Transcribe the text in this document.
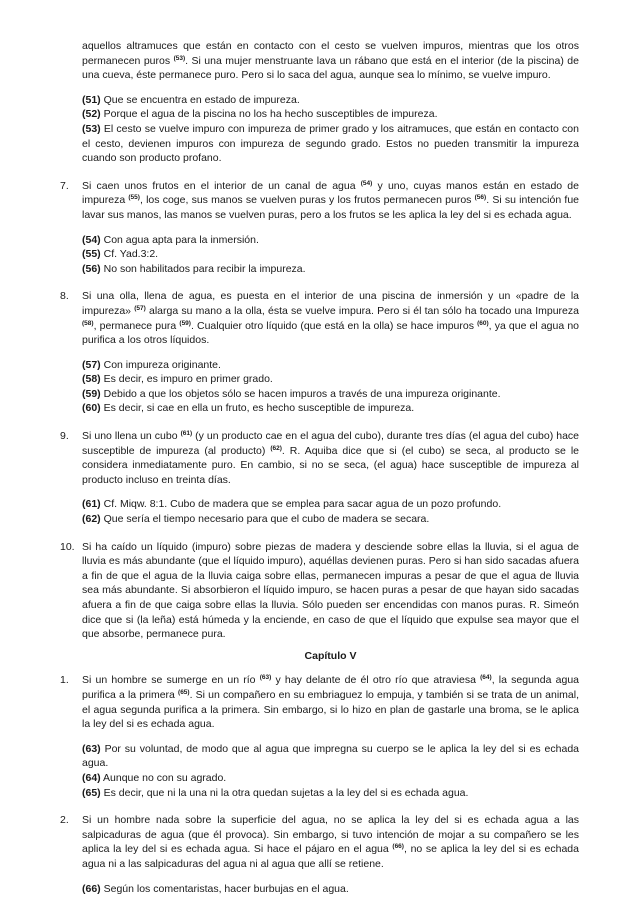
aquellos altramuces que están en contacto con el cesto se vuelven impuros, mientras que los otros permanecen puros $^{(53)}$. Si una mujer menstruante lava un rábano que está en el interior (de la piscina) de una cueva, éste permanece puro. Pero si lo saca del agua, aunque sea lo mínimo, se vuelve impuro.

(51) Que se encuentra en estado de impureza.

(52) Porque el agua de la piscina no los ha hecho susceptibles de impureza.

(53) El cesto se vuelve impuro con impureza de primer grado y los aitramuces, que están en contacto con el cesto, devienen impuros con impureza de segundo grado. Estos no pueden transmitir la impureza cuando son producto profano.

7. Si caen unos frutos en el interior de un canal de agua $^{(54)}$ y uno, cuyas manos están en estado de impureza $^{(55)}$, los coge, sus manos se vuelven puras y los frutos permanecen puros $^{(56)}$. Si su intención fue lavar sus manos, las manos se vuelven puras, pero a los frutos se les aplica la ley del si es echada agua.

(54) Con agua apta para la inmersión.

(55) Cf. Yad.3:2.

(56) No son habilitados para recibir la impureza.

8. Si una olla, llena de agua, es puesta en el interior de una piscina de inmersión y un «padre de la impureza» $^{(57)}$ alarga su mano a la olla, ésta se vuelve impura. Pero si él tan sólo ha tocado una Impureza $^{(58)}$, permanece pura $^{(59)}$. Cualquier otro líquido (que está en la olla) se hace impuros $^{(60)}$, ya que el agua no purifica a los otros líquidos.

(57) Con impureza originante.

(58) Es decir, es impuro en primer grado.

(59) Debido a que los objetos sólo se hacen impuros a través de una impureza originante.

(60) Es decir, si cae en ella un fruto, es hecho susceptible de impureza.

9. Si uno llena un cubo $^{(61)}$ (y un producto cae en el agua del cubo), durante tres días (el agua del cubo) hace susceptible de impureza (al producto) $^{(62)}$. R. Aquiba dice que si (el cubo) se seca, al producto se le considera inmediatamente puro. En cambio, si no se seca, (el agua) hace susceptible de impureza al producto incluso en treinta días.

(61) Cf. Miqw. 8:1. Cubo de madera que se emplea para sacar agua de un pozo profundo.

(62) Que sería el tiempo necesario para que el cubo de madera se secara.

10. Si ha caído un líquido (impuro) sobre piezas de madera y desciende sobre ellas la lluvia, si el agua de lluvia es más abundante (que el líquido impuro), aquéllas devienen puras. Pero si han sido sacadas afuera a fin de que el agua de la lluvia caiga sobre ellas, permanecen impuras a pesar de que el agua de lluvia sea más abundante. Si absorbieron el líquido impuro, se hacen puras a pesar de que hayan sido sacadas afuera a fin de que caiga sobre ellas la lluvia. Sólo pueden ser encendidas con manos puras. R. Simeón dice que si (la leña) está húmeda y la enciende, en caso de que el líquido que expulse sea mayor que el que absorbe, permanece pura.

Capítulo V
1. Si un hombre se sumerge en un río $^{(63)}$ y hay delante de él otro río que atraviesa $^{(64)}$, la segunda agua purifica a la primera $^{(65)}$. Si un compañero en su embriaguez lo empuja, y también si se trata de un animal, el agua segunda purifica a la primera. Sin embargo, si lo hizo en plan de gastarle una broma, se le aplica la ley del si es echada agua.

(63) Por su voluntad, de modo que al agua que impregna su cuerpo se le aplica la ley del si es echada agua.

(64) Aunque no con su agrado.

(65) Es decir, que ni la una ni la otra quedan sujetas a la ley del si es echada agua.

2. Si un hombre nada sobre la superficie del agua, no se aplica la ley del si es echada agua a las salpicaduras de agua (que él provoca). Sin embargo, si tuvo intención de mojar a su compañero se les aplica la ley del si es echada agua. Si hace el pájaro en el agua $^{(66)}$, no se aplica la ley del si es echada agua ni a las salpicaduras del agua ni al agua que allí se retiene.

(66) Según los comentaristas, hacer burbujas en el agua.
